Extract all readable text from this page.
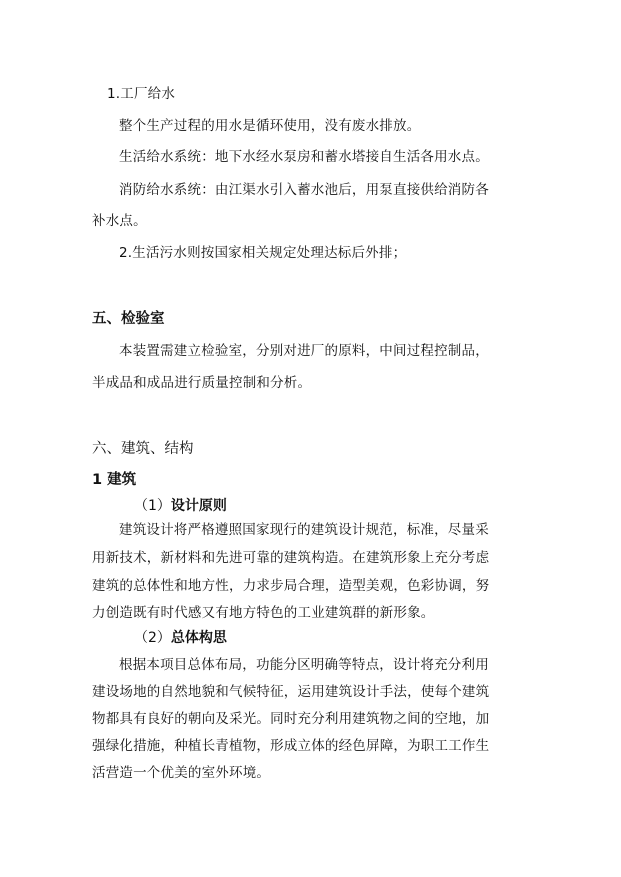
1.工厂给水
整个生产过程的用水是循环使用，没有废水排放。
生活给水系统：地下水经水泵房和蓄水塔接自生活各用水点。
消防给水系统：由江渠水引入蓄水池后，用泵直接供给消防各
补水点。
2.生活污水则按国家相关规定处理达标后外排；
五、检验室
本装置需建立检验室，分别对进厂的原料，中间过程控制品，
半成品和成品进行质量控制和分析。
六、建筑、结构
1 建筑
（1）设计原则
建筑设计将严格遵照国家现行的建筑设计规范，标准，尽量采
用新技术，新材料和先进可靠的建筑构造。在建筑形象上充分考虑
建筑的总体性和地方性，力求步局合理，造型美观，色彩协调，努
力创造既有时代感又有地方特色的工业建筑群的新形象。
（2）总体构思
根据本项目总体布局，功能分区明确等特点，设计将充分利用
建设场地的自然地貌和气候特征，运用建筑设计手法，使每个建筑
物都具有良好的朝向及采光。同时充分利用建筑物之间的空地，加
强绿化措施，种植长青植物，形成立体的经色屏障，为职工工作生
活营造一个优美的室外环境。
